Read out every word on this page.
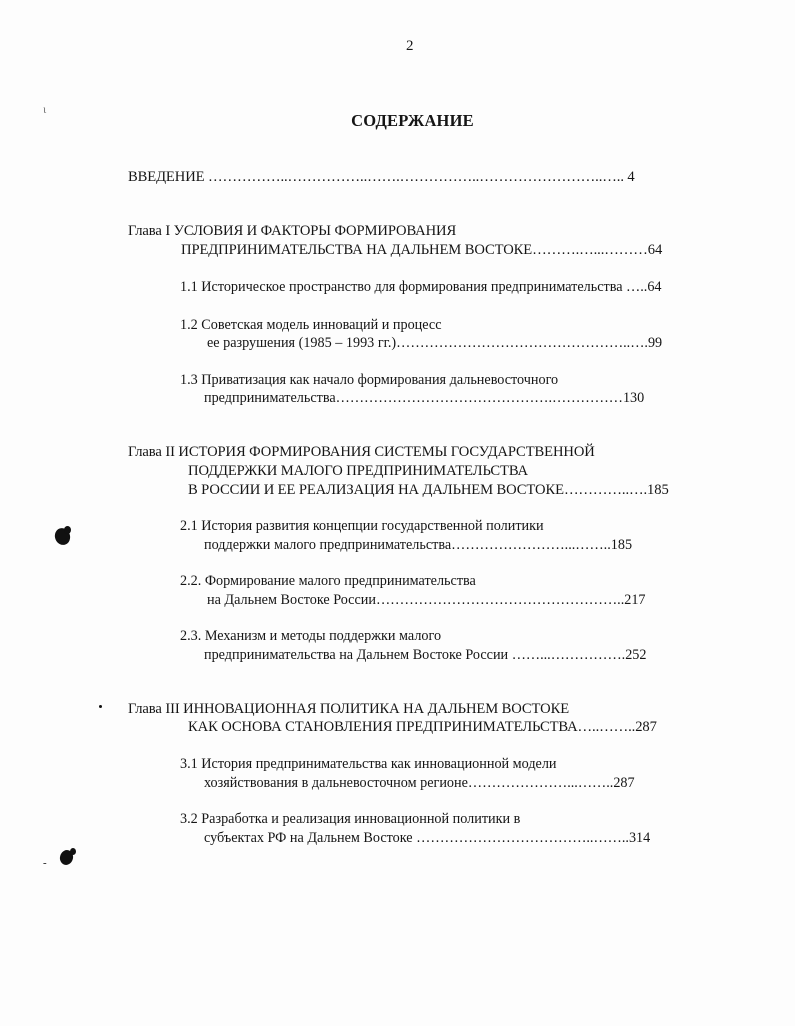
2
СОДЕРЖАНИЕ
ВВЕДЕНИЕ ……………..……………..…….……………..……………………..….. 4
Глава I УСЛОВИЯ И ФАКТОРЫ ФОРМИРОВАНИЯ
ПРЕДПРИНИМАТЕЛЬСТВА НА ДАЛЬНЕМ ВОСТОКЕ……….…...………64
1.1 Историческое пространство для формирования предпринимательства …..64
1.2 Советская модель инноваций и процесс
ее разрушения (1985 – 1993 гг.)…………………………………………..….99
1.3 Приватизация как начало формирования дальневосточного
предпринимательства……………………………………….……………130
Глава II ИСТОРИЯ ФОРМИРОВАНИЯ СИСТЕМЫ ГОСУДАРСТВЕННОЙ
ПОДДЕРЖКИ МАЛОГО ПРЕДПРИНИМАТЕЛЬСТВА
В РОССИИ И ЕЕ РЕАЛИЗАЦИЯ НА ДАЛЬНЕМ ВОСТОКЕ…………..….185
2.1 История развития концепции государственной политики
поддержки малого предпринимательства……………………...……..185
2.2. Формирование малого предпринимательства
на Дальнем Востоке России……………………………………………..217
2.3. Механизм и методы поддержки малого
предпринимательства на Дальнем Востоке России ……...…………….252
Глава III ИННОВАЦИОННАЯ ПОЛИТИКА НА ДАЛЬНЕМ ВОСТОКЕ
КАК ОСНОВА СТАНОВЛЕНИЯ ПРЕДПРИНИМАТЕЛЬСТВА…..……..287
3.1 История предпринимательства как инновационной модели
хозяйствования в дальневосточном регионе…………………...……..287
3.2 Разработка и реализация инновационной политики в
субъектах РФ на Дальнем Востоке ………………………………..……..314
ι
-
